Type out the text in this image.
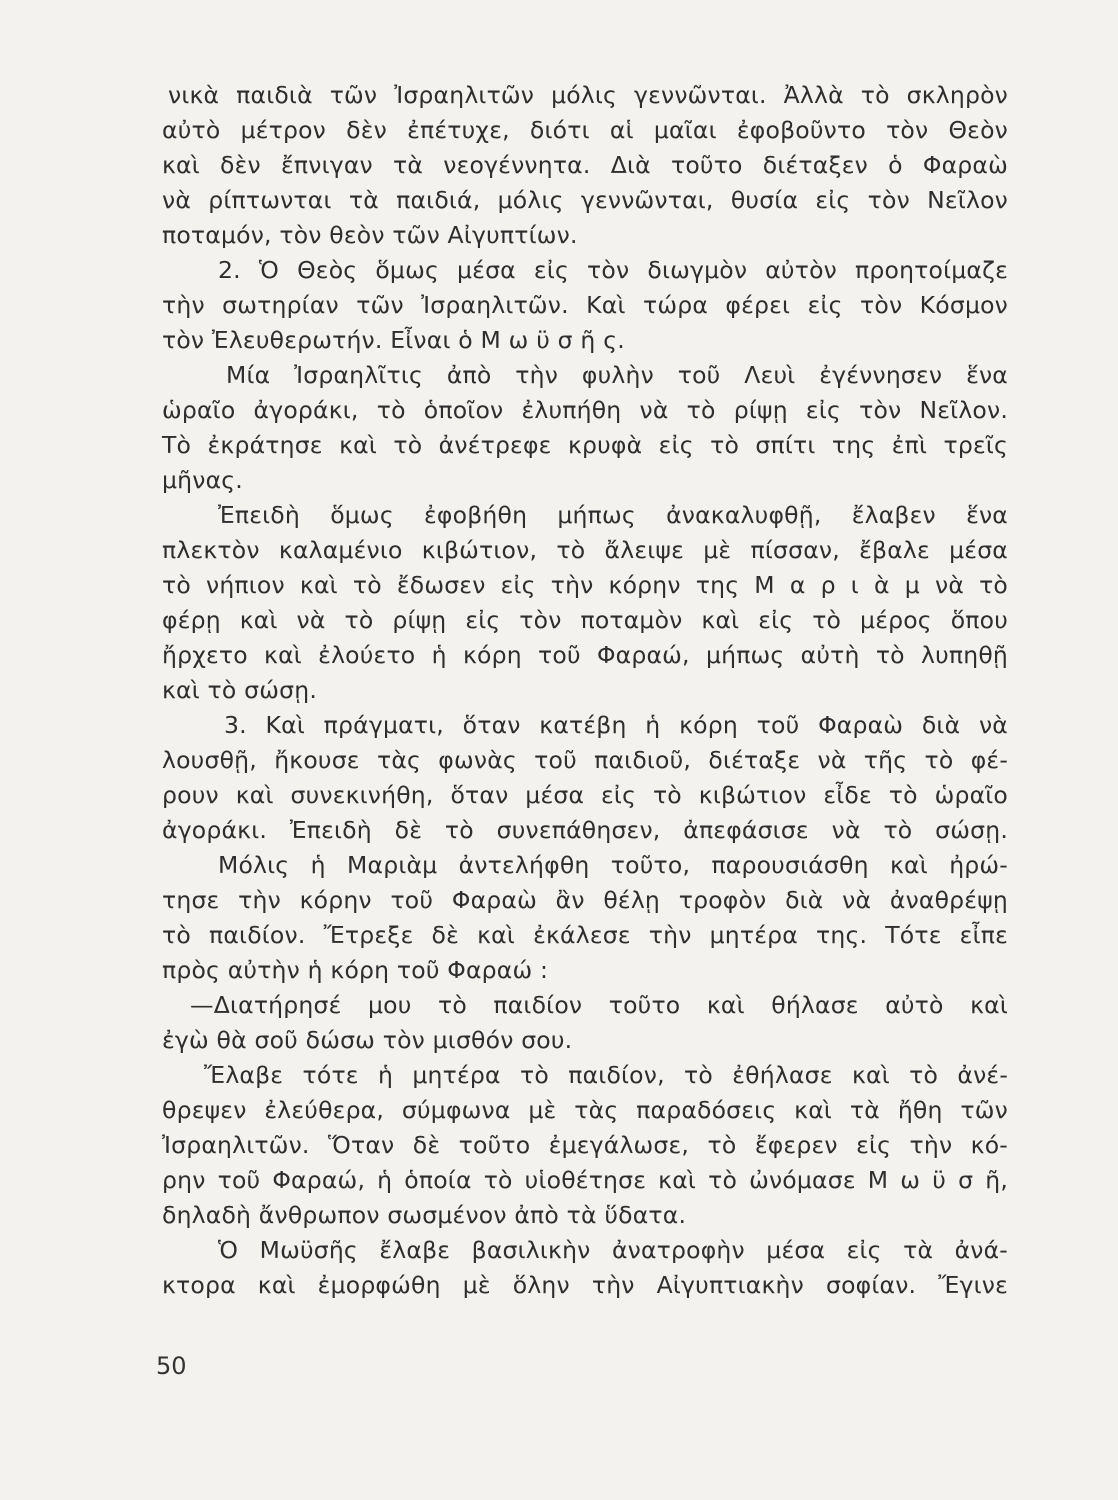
νικὰ παιδιὰ τῶν Ἰσραηλιτῶν μόλις γεννῶνται. Ἀλλὰ τὸ σκληρὸν
αὐτὸ μέτρον δὲν ἐπέτυχε, διότι αἱ μαῖαι ἐφοβοῦντο τὸν Θεὸν
καὶ δὲν ἔπνιγαν τὰ νεογέννητα. Διὰ τοῦτο διέταξεν ὁ Φαραὼ
νὰ ρίπτωνται τὰ παιδιά, μόλις γεννῶνται, θυσία εἰς τὸν Νεῖλον
ποταμόν, τὸν θεὸν τῶν Αἰγυπτίων.
2. Ὁ Θεὸς ὅμως μέσα εἰς τὸν διωγμὸν αὐτὸν προητοίμαζε
τὴν σωτηρίαν τῶν Ἰσραηλιτῶν. Καὶ τώρα φέρει εἰς τὸν Κόσμον
τὸν Ἐλευθερωτήν. Εἶναι ὁ Μ ω ϋ σ ῆ ς.
Μία Ἰσραηλῖτις ἀπὸ τὴν φυλὴν τοῦ Λευὶ ἐγέννησεν ἕνα
ὡραῖο ἀγοράκι, τὸ ὁποῖον ἐλυπήθη νὰ τὸ ρίψῃ εἰς τὸν Νεῖλον.
Τὸ ἐκράτησε καὶ τὸ ἀνέτρεφε κρυφὰ εἰς τὸ σπίτι της ἐπὶ τρεῖς
μῆνας.
Ἐπειδὴ ὅμως ἐφοβήθη μήπως ἀνακαλυφθῇ, ἔλαβεν ἕνα
πλεκτὸν καλαμένιο κιβώτιον, τὸ ἄλειψε μὲ πίσσαν, ἔβαλε μέσα
τὸ νήπιον καὶ τὸ ἔδωσεν εἰς τὴν κόρην της Μ α ρ ι ὰ μ νὰ τὸ
φέρῃ καὶ νὰ τὸ ρίψῃ εἰς τὸν ποταμὸν καὶ εἰς τὸ μέρος ὅπου
ἤρχετο καὶ ἐλούετο ἡ κόρη τοῦ Φαραώ, μήπως αὐτὴ τὸ λυπηθῇ
καὶ τὸ σώσῃ.
3. Καὶ πράγματι, ὅταν κατέβη ἡ κόρη τοῦ Φαραὼ διὰ νὰ
λουσθῇ, ἤκουσε τὰς φωνὰς τοῦ παιδιοῦ, διέταξε νὰ τῆς τὸ φέ-
ρουν καὶ συνεκινήθη, ὅταν μέσα εἰς τὸ κιβώτιον εἶδε τὸ ὡραῖο
ἀγοράκι. Ἐπειδὴ δὲ τὸ συνεπάθησεν, ἀπεφάσισε νὰ τὸ σώσῃ.
Μόλις ἡ Μαριὰμ ἀντελήφθη τοῦτο, παρουσιάσθη καὶ ἠρώ-
τησε τὴν κόρην τοῦ Φαραὼ ἂν θέλῃ τροφὸν διὰ νὰ ἀναθρέψῃ
τὸ παιδίον. Ἔτρεξε δὲ καὶ ἐκάλεσε τὴν μητέρα της. Τότε εἶπε
πρὸς αὐτὴν ἡ κόρη τοῦ Φαραώ :
—Διατήρησέ μου τὸ παιδίον τοῦτο καὶ θήλασε αὐτὸ καὶ
ἐγὼ θὰ σοῦ δώσω τὸν μισθόν σου.
Ἔλαβε τότε ἡ μητέρα τὸ παιδίον, τὸ ἐθήλασε καὶ τὸ ἀνέ-
θρεψεν ἐλεύθερα, σύμφωνα μὲ τὰς παραδόσεις καὶ τὰ ἤθη τῶν
Ἰσραηλιτῶν. Ὅταν δὲ τοῦτο ἐμεγάλωσε, τὸ ἔφερεν εἰς τὴν κό-
ρην τοῦ Φαραώ, ἡ ὁποία τὸ υἱοθέτησε καὶ τὸ ὠνόμασε Μ ω ϋ σ ῆ,
δηλαδὴ ἄνθρωπον σωσμένον ἀπὸ τὰ ὕδατα.
Ὁ Μωϋσῆς ἔλαβε βασιλικὴν ἀνατροφὴν μέσα εἰς τὰ ἀνά-
κτορα καὶ ἐμορφώθη μὲ ὅλην τὴν Αἰγυπτιακὴν σοφίαν. Ἔγινε
50
